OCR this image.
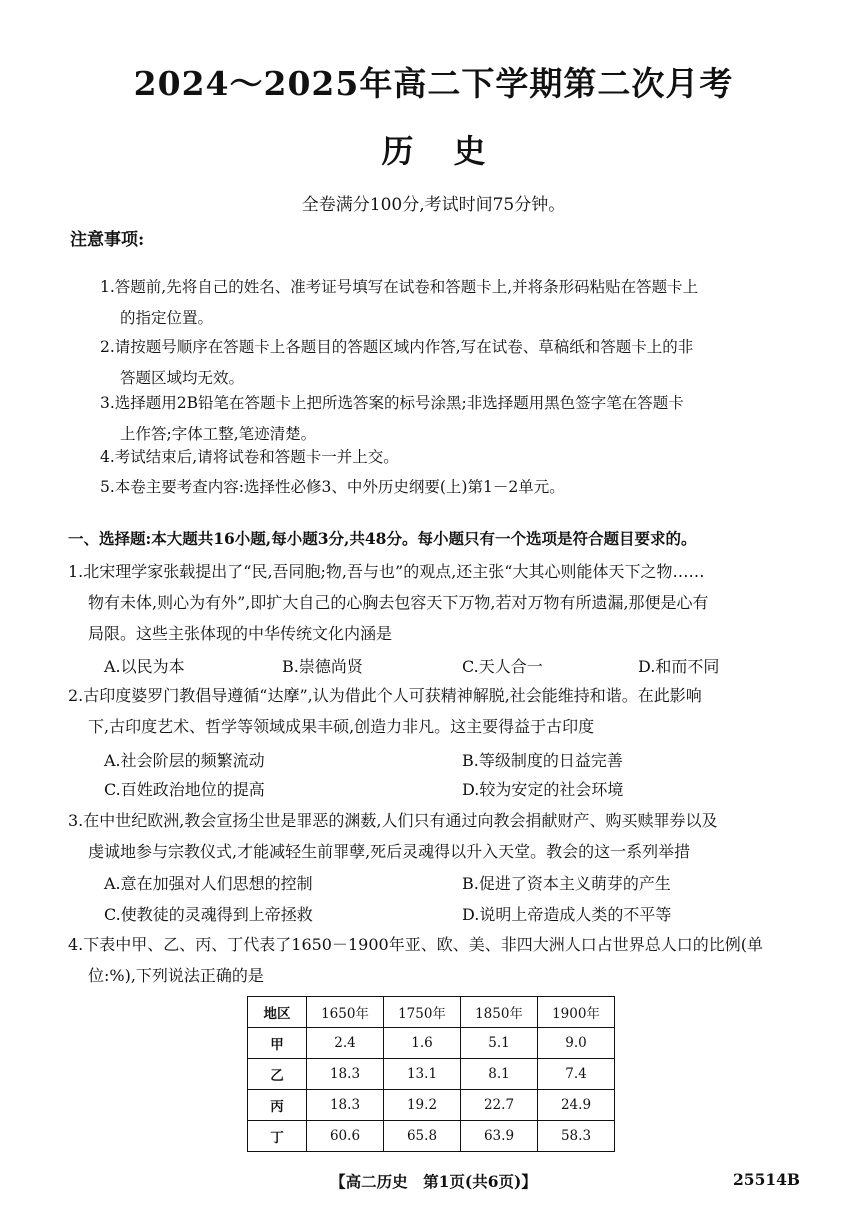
2024～2025年高二下学期第二次月考
历史
全卷满分100分,考试时间75分钟。
注意事项:
1.答题前,先将自己的姓名、准考证号填写在试卷和答题卡上,并将条形码粘贴在答题卡上
的指定位置。
2.请按题号顺序在答题卡上各题目的答题区域内作答,写在试卷、草稿纸和答题卡上的非
答题区域均无效。
3.选择题用2B铅笔在答题卡上把所选答案的标号涂黑;非选择题用黑色签字笔在答题卡
上作答;字体工整,笔迹清楚。
4.考试结束后,请将试卷和答题卡一并上交。
5.本卷主要考查内容:选择性必修3、中外历史纲要(上)第1－2单元。
一、选择题:本大题共16小题,每小题3分,共48分。每小题只有一个选项是符合题目要求的。
1.北宋理学家张载提出了“民,吾同胞;物,吾与也”的观点,还主张“大其心则能体天下之物……
物有未体,则心为有外”,即扩大自己的心胸去包容天下万物,若对万物有所遗漏,那便是心有
局限。这些主张体现的中华传统文化内涵是
A.以民为本	B.崇德尚贤	C.天人合一	D.和而不同
2.古印度婆罗门教倡导遵循“达摩”,认为借此个人可获精神解脱,社会能维持和谐。在此影响
下,古印度艺术、哲学等领域成果丰硕,创造力非凡。这主要得益于古印度
A.社会阶层的频繁流动	B.等级制度的日益完善
C.百姓政治地位的提高	D.较为安定的社会环境
3.在中世纪欧洲,教会宣扬尘世是罪恶的渊薮,人们只有通过向教会捐献财产、购买赎罪券以及
虔诚地参与宗教仪式,才能减轻生前罪孽,死后灵魂得以升入天堂。教会的这一系列举措
A.意在加强对人们思想的控制	B.促进了资本主义萌芽的产生
C.使教徒的灵魂得到上帝拯救	D.说明上帝造成人类的不平等
4.下表中甲、乙、丙、丁代表了1650－1900年亚、欧、美、非四大洲人口占世界总人口的比例(单
位:%),下列说法正确的是
地区	1650年	1750年	1850年	1900年
甲	2.4	1.6	5.1	9.0
乙	18.3	13.1	8.1	7.4
丙	18.3	19.2	22.7	24.9
丁	60.6	65.8	63.9	58.3
【高二历史　第1页(共6页)】	25514B
